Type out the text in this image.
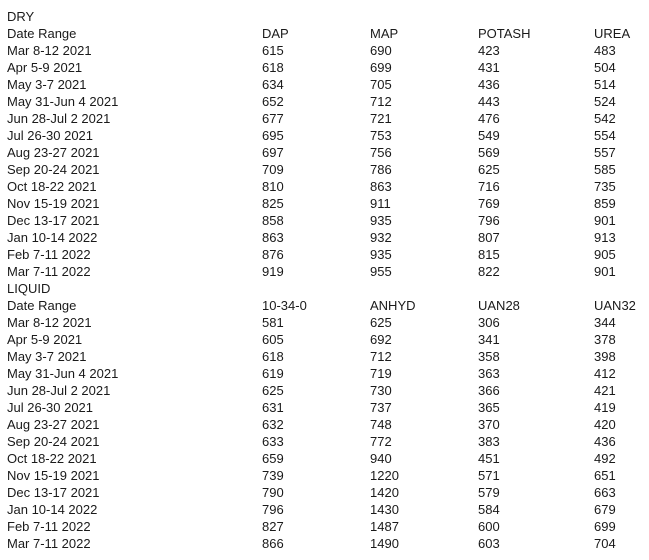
DRY
Date Range	DAP	MAP	POTASH	UREA
Mar 8-12 2021	615	690	423	483
Apr 5-9 2021	618	699	431	504
May 3-7 2021	634	705	436	514
May 31-Jun 4 2021	652	712	443	524
Jun 28-Jul 2 2021	677	721	476	542
Jul 26-30 2021	695	753	549	554
Aug 23-27 2021	697	756	569	557
Sep 20-24 2021	709	786	625	585
Oct 18-22 2021	810	863	716	735
Nov 15-19 2021	825	911	769	859
Dec 13-17 2021	858	935	796	901
Jan 10-14 2022	863	932	807	913
Feb 7-11 2022	876	935	815	905
Mar 7-11 2022	919	955	822	901
LIQUID
Date Range	10-34-0	ANHYD	UAN28	UAN32
Mar 8-12 2021	581	625	306	344
Apr 5-9 2021	605	692	341	378
May 3-7 2021	618	712	358	398
May 31-Jun 4 2021	619	719	363	412
Jun 28-Jul 2 2021	625	730	366	421
Jul 26-30 2021	631	737	365	419
Aug 23-27 2021	632	748	370	420
Sep 20-24 2021	633	772	383	436
Oct 18-22 2021	659	940	451	492
Nov 15-19 2021	739	1220	571	651
Dec 13-17 2021	790	1420	579	663
Jan 10-14 2022	796	1430	584	679
Feb 7-11 2022	827	1487	600	699
Mar 7-11 2022	866	1490	603	704
